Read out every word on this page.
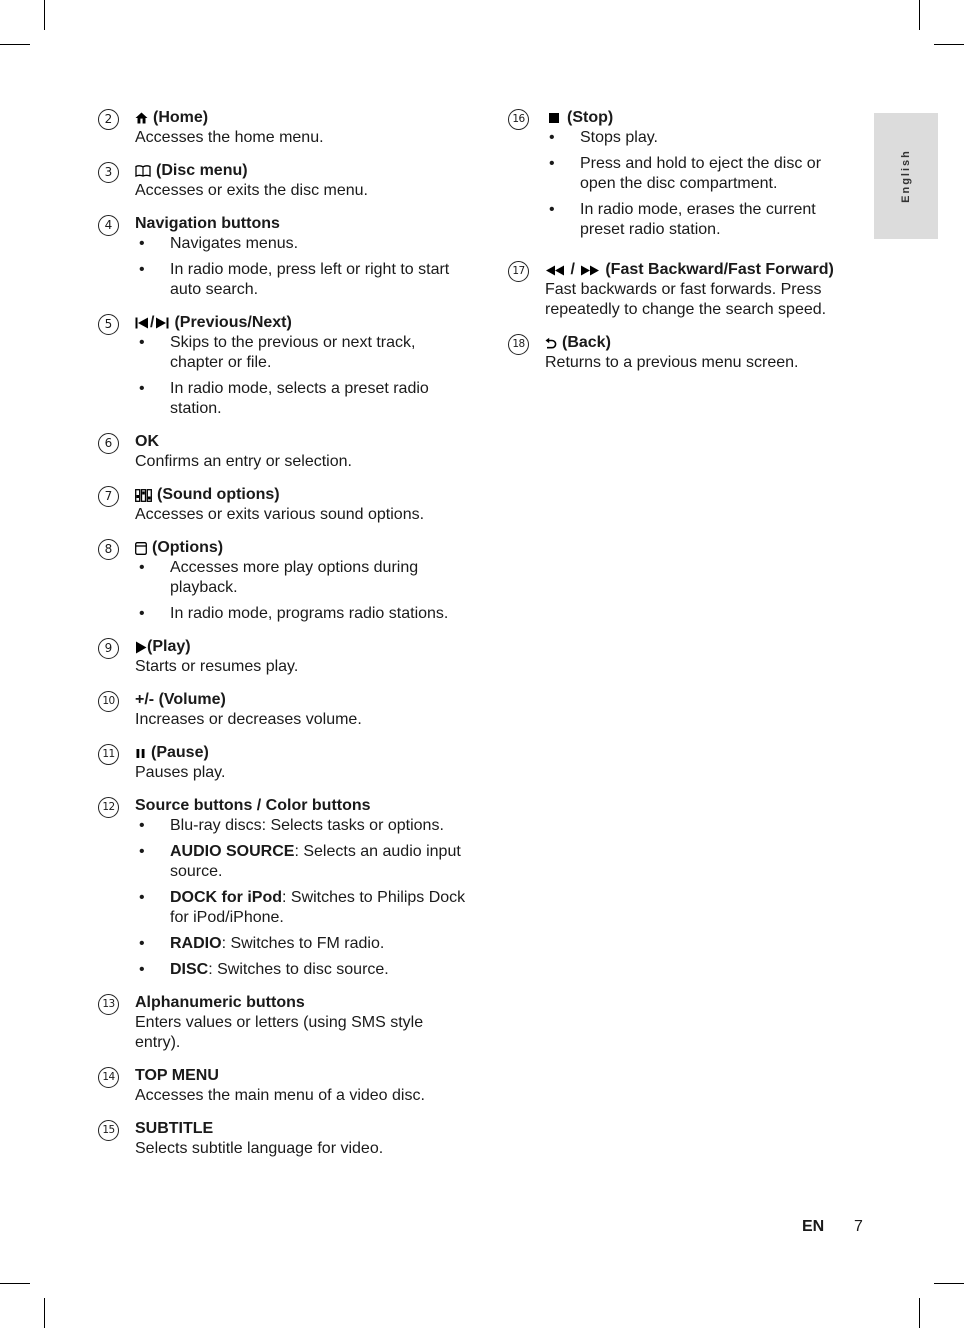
English
2	(Home)
Accesses the home menu.
3	(Disc menu)
Accesses or exits the disc menu.
4	Navigation buttons
• Navigates menus.
• In radio mode, press left or right to start auto search.
5	/ (Previous/Next)
• Skips to the previous or next track, chapter or file.
• In radio mode, selects a preset radio station.
6	OK
Confirms an entry or selection.
7	(Sound options)
Accesses or exits various sound options.
8	(Options)
• Accesses more play options during playback.
• In radio mode, programs radio stations.
9	(Play)
Starts or resumes play.
10 +/- (Volume)
Increases or decreases volume.
11 (Pause)
Pauses play.
12 Source buttons / Color buttons
• Blu-ray discs: Selects tasks or options.
• AUDIO SOURCE: Selects an audio input source.
• DOCK for iPod: Switches to Philips Dock for iPod/iPhone.
• RADIO: Switches to FM radio.
• DISC: Switches to disc source.
13 Alphanumeric buttons
Enters values or letters (using SMS style entry).
14 TOP MENU
Accesses the main menu of a video disc.
15 SUBTITLE
Selects subtitle language for video.
16	(Stop)
• Stops play.
• Press and hold to eject the disc or open the disc compartment.
• In radio mode, erases the current preset radio station.
17	/ (Fast Backward/Fast Forward)
Fast backwards or fast forwards. Press repeatedly to change the search speed.
18 (Back)
Returns to a previous menu screen.
EN 7
